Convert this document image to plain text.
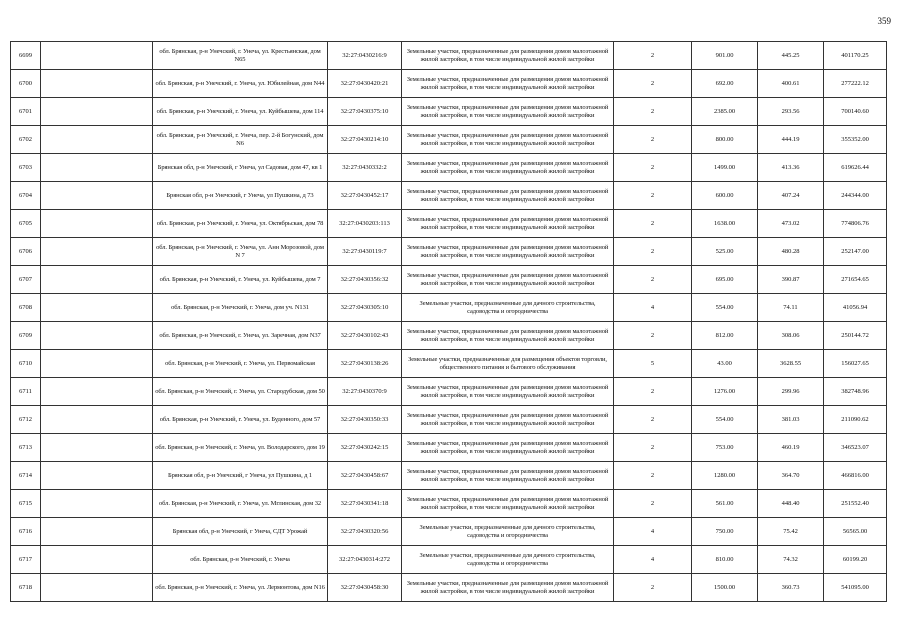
359
6699		обл. Брянская, р-н Унечский, г. Унеча, ул. Крестьянская, дом N65	32:27:0430216:9	Земельные участки, предназначенные для размещения домов малоэтажной жилой застройки, в том числе индивидуальной жилой застройки	2	901.00	445.25	401170.25
6700		обл. Брянская, р-н Унечский, г. Унеча, ул. Юбилейная, дом N44	32:27:0430420:21	Земельные участки, предназначенные для размещения домов малоэтажной жилой застройки, в том числе индивидуальной жилой застройки	2	692.00	400.61	277222.12
6701		обл. Брянская, р-н Унечский, г. Унеча, ул. Куйбышева, дом 114	32:27:0430375:10	Земельные участки, предназначенные для размещения домов малоэтажной жилой застройки, в том числе индивидуальной жилой застройки	2	2385.00	293.56	700140.60
6702		обл. Брянская, р-н Унечский, г. Унеча, пер. 2-й Богунский, дом N6	32:27:0430214:10	Земельные участки, предназначенные для размещения домов малоэтажной жилой застройки, в том числе индивидуальной жилой застройки	2	800.00	444.19	355352.00
6703		Брянская обл, р-н Унечский, г Унеча, ул Садовая, дом 47, кв 1	32:27:0430332:2	Земельные участки, предназначенные для размещения домов малоэтажной жилой застройки, в том числе индивидуальной жилой застройки	2	1499.00	413.36	619626.44
6704		Брянская обл, р-н Унечский, г Унеча, ул Пушкина, д 73	32:27:0430452:17	Земельные участки, предназначенные для размещения домов малоэтажной жилой застройки, в том числе индивидуальной жилой застройки	2	600.00	407.24	244344.00
6705		обл. Брянская, р-н Унечский, г. Унеча, ул. Октябрьская, дом 78	32:27:0430203:113	Земельные участки, предназначенные для размещения домов малоэтажной жилой застройки, в том числе индивидуальной жилой застройки	2	1638.00	473.02	774806.76
6706		обл. Брянская, р-н Унечский, г. Унеча, ул. Анн Морозовой, дом N 7	32:27:0430119:7	Земельные участки, предназначенные для размещения домов малоэтажной жилой застройки, в том числе индивидуальной жилой застройки	2	525.00	480.28	252147.00
6707		обл. Брянская, р-н Унечский, г. Унеча, ул. Куйбышева, дом 7	32:27:0430356:32	Земельные участки, предназначенные для размещения домов малоэтажной жилой застройки, в том числе индивидуальной жилой застройки	2	695.00	390.87	271654.65
6708		обл. Брянская, р-н Унечский, г. Унеча, дом уч. N131	32:27:0430305:10	Земельные участки, предназначенные для дачного строительства, садоводства и огородничества	4	554.00	74.11	41056.94
6709		обл. Брянская, р-н Унечский, г. Унеча, ул. Заречная, дом N37	32:27:0430102:43	Земельные участки, предназначенные для размещения домов малоэтажной жилой застройки, в том числе индивидуальной жилой застройки	2	812.00	308.06	250144.72
6710		обл. Брянская, р-н Унечский, г. Унеча, ул. Первомайская	32:27:0430138:26	Земельные участки, предназначенные для размещения объектов торговли, общественного питания и бытового обслуживания	5	43.00	3628.55	156027.65
6711		обл. Брянская, р-н Унечский, г. Унеча, ул. Стародубская, дом 50	32:27:0430370:9	Земельные участки, предназначенные для размещения домов малоэтажной жилой застройки, в том числе индивидуальной жилой застройки	2	1276.00	299.96	382748.96
6712		обл. Брянская, р-н Унечский, г. Унеча, ул. Буденного, дом 57	32:27:0430350:33	Земельные участки, предназначенные для размещения домов малоэтажной жилой застройки, в том числе индивидуальной жилой застройки	2	554.00	381.03	211090.62
6713		обл. Брянская, р-н Унечский, г. Унеча, ул. Володарского, дом 19	32:27:0430242:15	Земельные участки, предназначенные для размещения домов малоэтажной жилой застройки, в том числе индивидуальной жилой застройки	2	753.00	460.19	346523.07
6714		Брянская обл, р-н Унечский, г Унеча, ул Пушкина, д 1	32:27:0430458:67	Земельные участки, предназначенные для размещения домов малоэтажной жилой застройки, в том числе индивидуальной жилой застройки	2	1280.00	364.70	466816.00
6715		обл. Брянская, р-н Унечский, г. Унеча, ул. Мглинская, дом 32	32:27:0430341:18	Земельные участки, предназначенные для размещения домов малоэтажной жилой застройки, в том числе индивидуальной жилой застройки	2	561.00	448.40	251552.40
6716		Брянская обл, р-н Унечский, г Унеча, СДТ Урожай	32:27:0430320:56	Земельные участки, предназначенные для дачного строительства, садоводства и огородничества	4	750.00	75.42	56565.00
6717		обл. Брянская, р-н Унечский, г. Унеча	32:27:0430314:272	Земельные участки, предназначенные для дачного строительства, садоводства и огородничества	4	810.00	74.32	60199.20
6718		обл. Брянская, р-н Унечский, г. Унеча, ул. Лермонтова, дом N16	32:27:0430458:30	Земельные участки, предназначенные для размещения домов малоэтажной жилой застройки, в том числе индивидуальной жилой застройки	2	1500.00	360.73	541095.00
